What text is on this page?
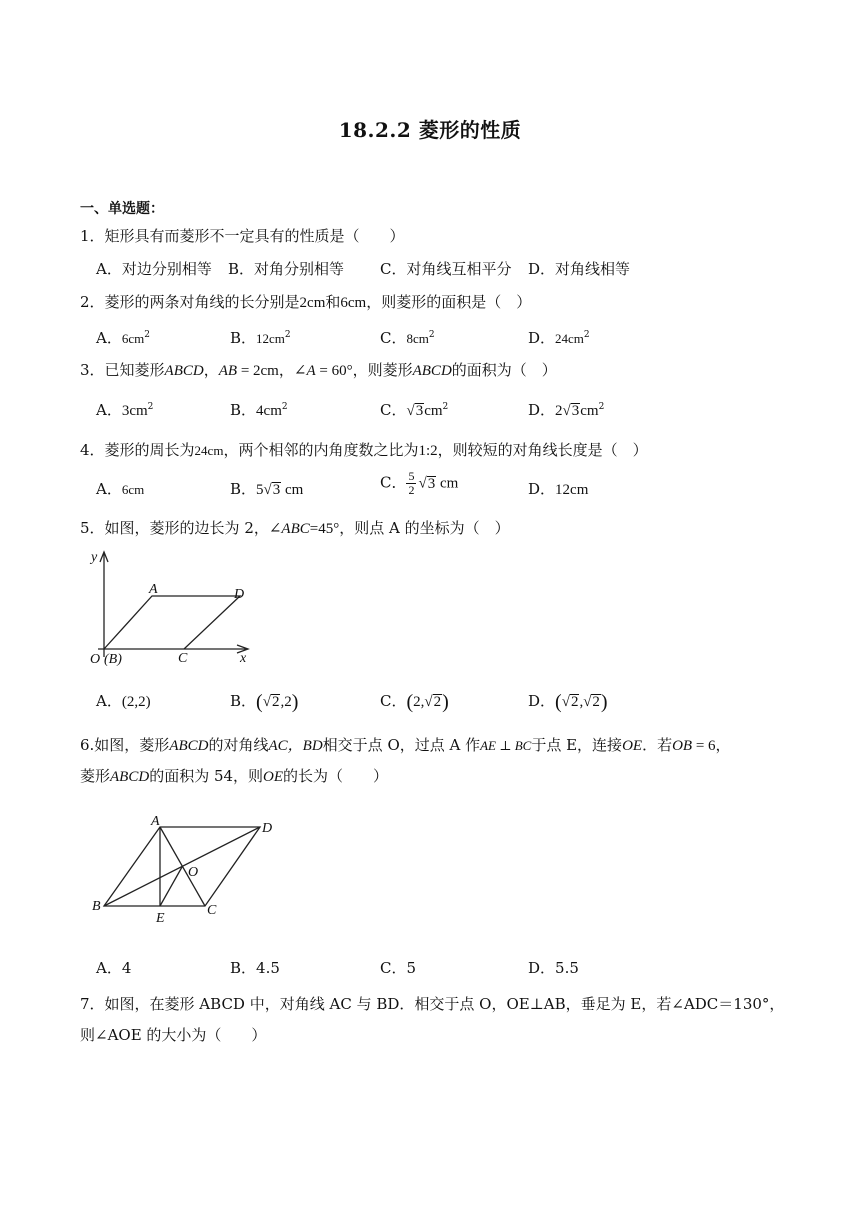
18.2.2 菱形的性质
一、单选题：
1．矩形具有而菱形不一定具有的性质是（　　）
A．对边分别相等 B．对角分别相等 C．对角线互相平分 D．对角线相等
2．菱形的两条对角线的长分别是2cm和6cm，则菱形的面积是（　）
A．$6cm^2$	B．$12cm^2$	C．$8cm^2$	D．$24cm^2$
3．已知菱形ABCD，AB = 2cm，∠A = 60°，则菱形ABCD的面积为（　）
A．$3cm^2$	B．$4cm^2$	C．$√3cm^2$	D．$2√3cm^2$
4．菱形的周长为24cm，两个相邻的内角度数之比为1:2，则较短的对角线长度是（　）
A．6cm	B．5√3 cm	C． $\frac{5}{2} √3$ cm	D．12cm
5．如图，菱形的边长为 2，∠ABC=45°，则点 A 的坐标为（　）
y
x
A	D
C
O (B)
A．(2,2)	B．(√2,2)	C．(2,√2)	D．(√2,√2)
6.如图，菱形ABCD的对角线AC，BD相交于点 O，过点 A 作AE ⊥ BC于点 E，连接OE．若OB = 6，
菱形ABCD的面积为 54，则OE的长为（　　）
A	D
O
B
E
C
A．4	B．4.5	C．5	D．5.5
7．如图，在菱形 ABCD 中，对角线 AC 与 BD．相交于点 O，OE⊥AB，垂足为 E，若∠ADC＝130°，
则∠AOE 的大小为（　　）
